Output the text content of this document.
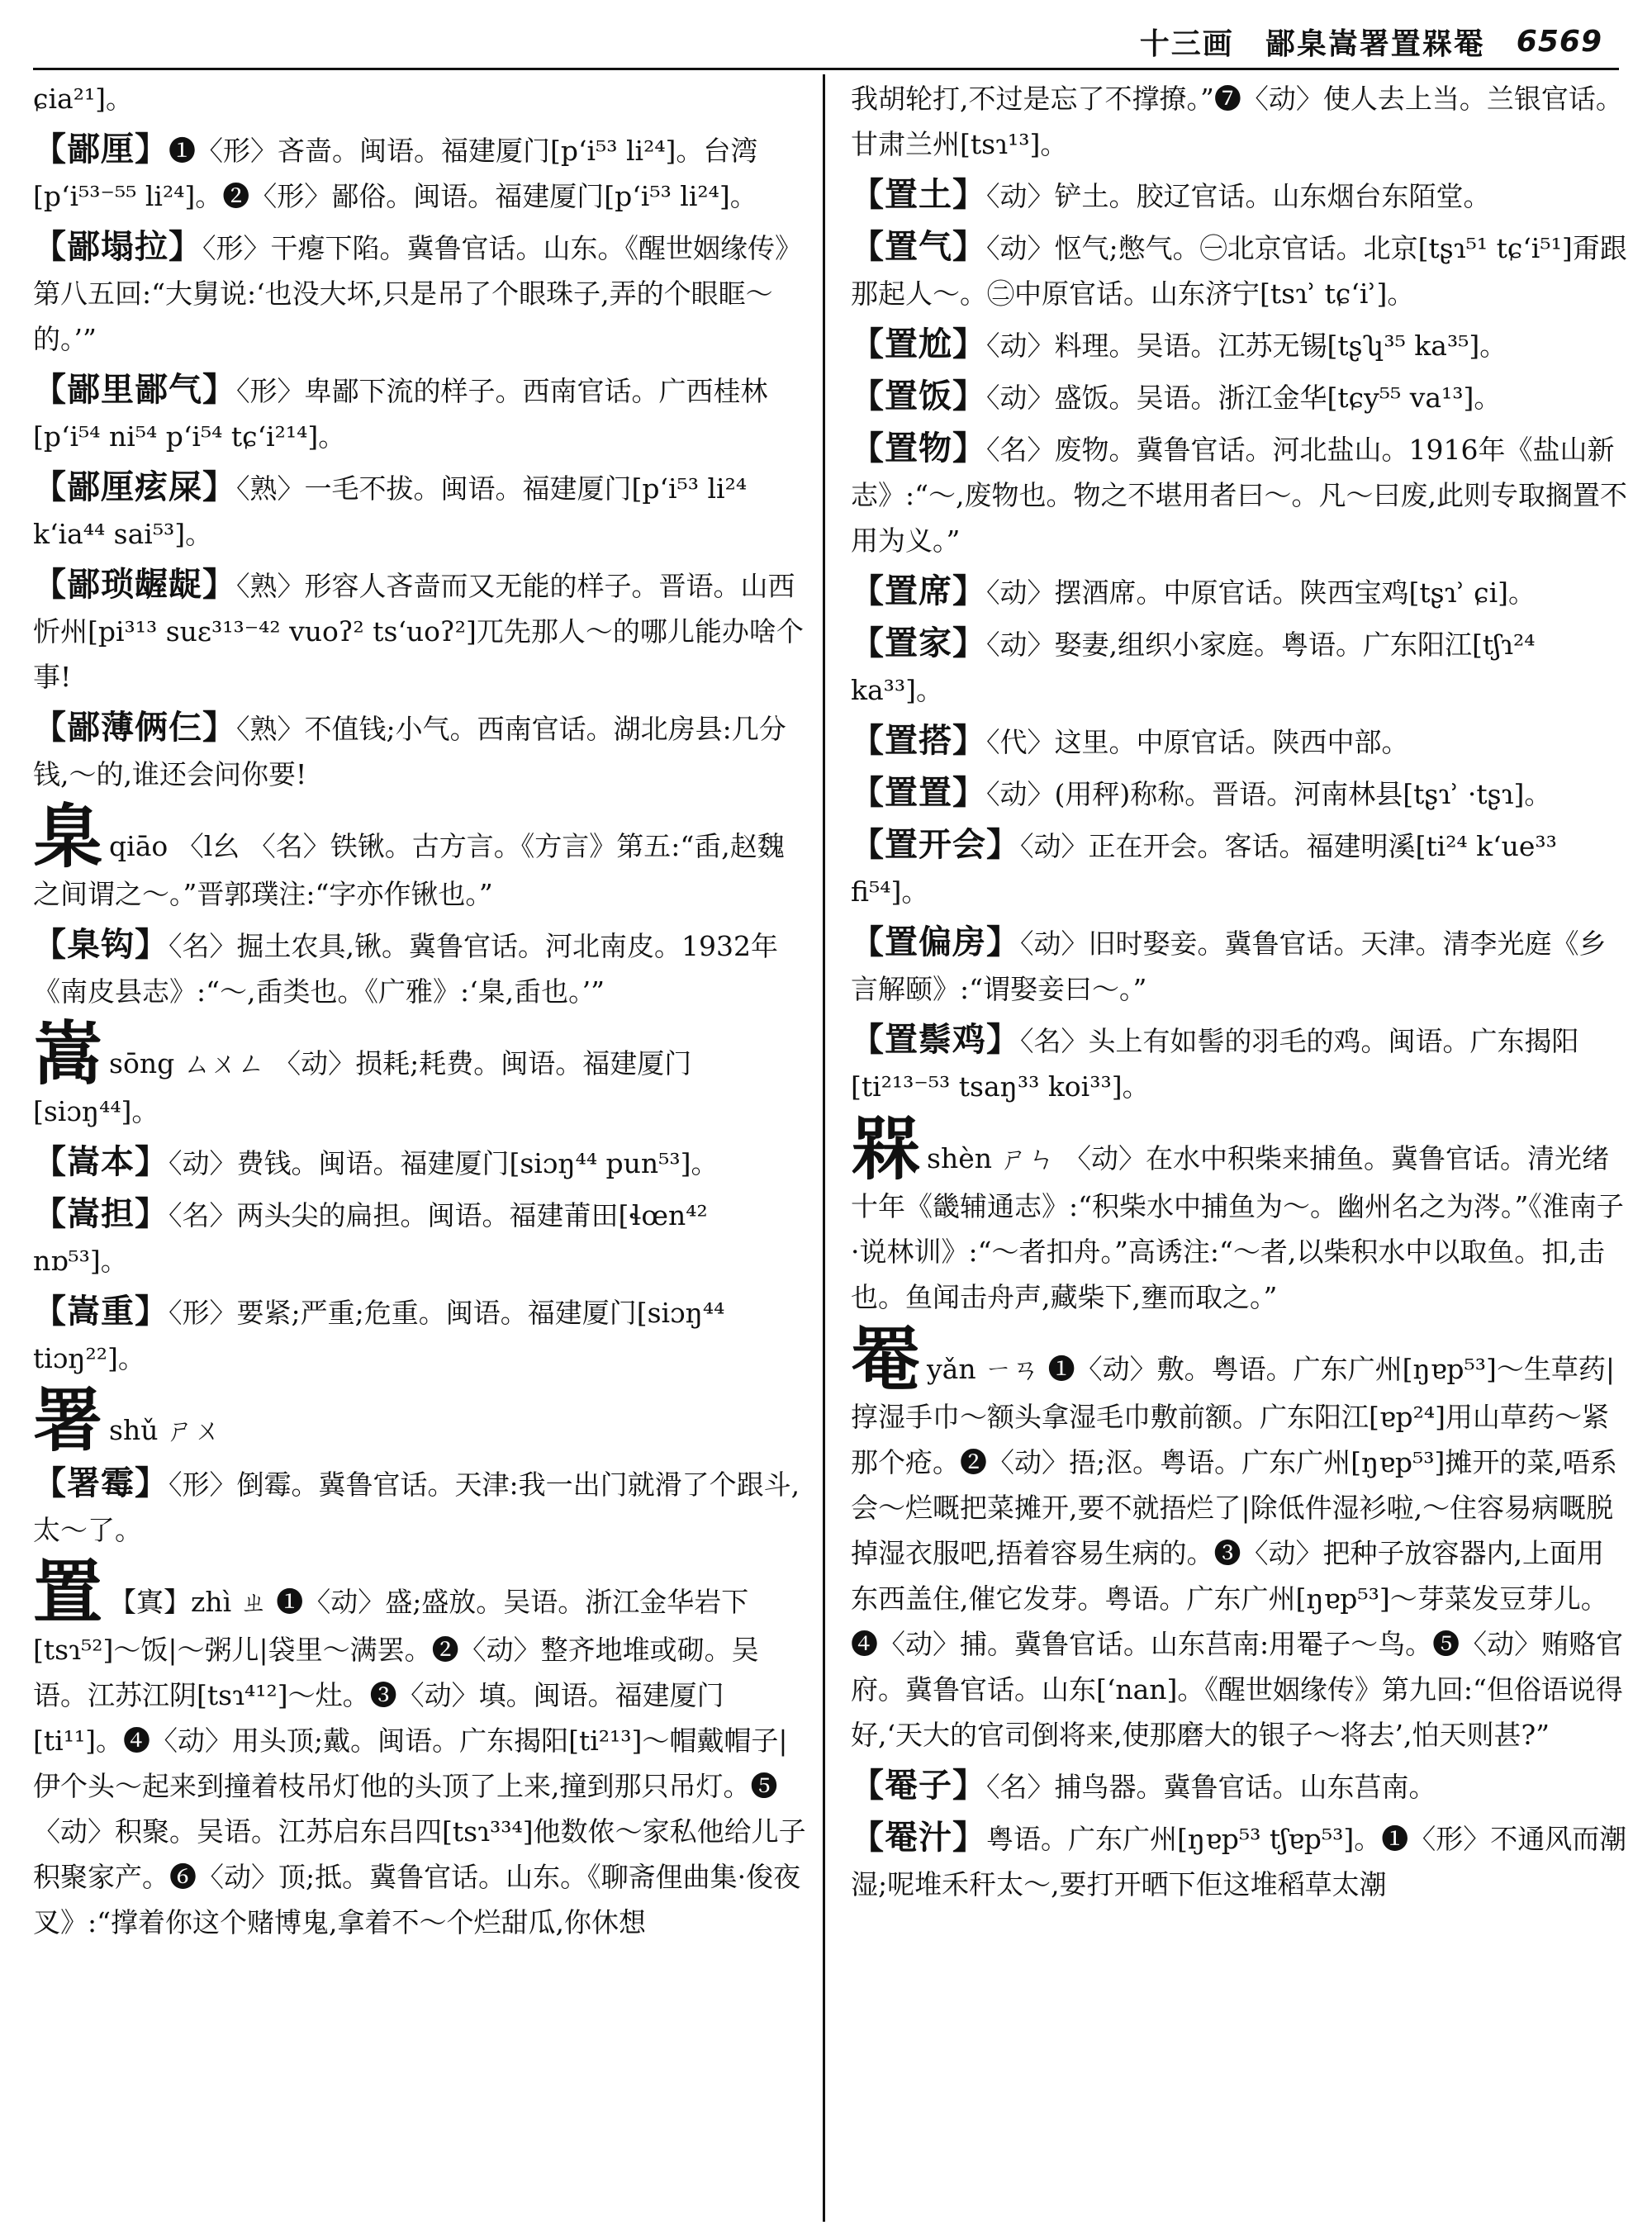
十三画 鄙臬嵩署置槑罨 6569
ɕia²¹]。
【鄙厘】❶〈形〉吝啬。闽语。福建厦门[pʻi⁵³ li²⁴]。台湾[pʻi⁵³⁻⁵⁵ li²⁴]。❷〈形〉鄙俗。闽语。福建厦门[pʻi⁵³ li²⁴]。
【鄙塌拉】〈形〉干瘪下陷。冀鲁官话。山东。《醒世姻缘传》第八五回:“大舅说:‘也没大坏,只是吊了个眼珠子,弄的个眼眶～的。’”
【鄙里鄙气】〈形〉卑鄙下流的样子。西南官话。广西桂林[pʻi⁵⁴ ni⁵⁴ pʻi⁵⁴ tɕʻi²¹⁴]。
【鄙厘痃屎】〈熟〉一毛不拔。闽语。福建厦门[pʻi⁵³ li²⁴ kʻia⁴⁴ sai⁵³]。
【鄙琐龌龊】〈熟〉形容人吝啬而又无能的样子。晋语。山西忻州[pi³¹³ suɛ³¹³⁻⁴² vuoʔ² tsʻuoʔ²]兀先那人～的哪儿能办啥个事!
【鄙薄俩仨】〈熟〉不值钱;小气。西南官话。湖北房县:几分钱,～的,谁还会问你要!
臬qiāo 〈l幺 〈名〉铁锹。古方言。《方言》第五:“臿,赵魏之间谓之～。”晋郭璞注:“字亦作锹也。”
【臬钩】〈名〉掘土农具,锹。冀鲁官话。河北南皮。1932年《南皮县志》:“～,臿类也。《广雅》:‘臬,臿也。’”
嵩sōng ㄙㄨㄥ 〈动〉损耗;耗费。闽语。福建厦门[siɔŋ⁴⁴]。
【嵩本】〈动〉费钱。闽语。福建厦门[siɔŋ⁴⁴ pun⁵³]。
【嵩担】〈名〉两头尖的扁担。闽语。福建莆田[ɬœn⁴² nɒ⁵³]。
【嵩重】〈形〉要紧;严重;危重。闽语。福建厦门[siɔŋ⁴⁴ tiɔŋ²²]。
署shǔ ㄕㄨ
【署霉】〈形〉倒霉。冀鲁官话。天津:我一出门就滑了个跟斗,太～了。
置 【寘】zhì ㄓ ❶〈动〉盛;盛放。吴语。浙江金华岩下[tsɿ⁵²]～饭|～粥儿|袋里～满罢。❷〈动〉整齐地堆或砌。吴语。江苏江阴[tsɿ⁴¹²]～灶。❸〈动〉填。闽语。福建厦门[ti¹¹]。❹〈动〉用头顶;戴。闽语。广东揭阳[ti²¹³]～帽戴帽子|伊个头～起来到撞着枝吊灯他的头顶了上来,撞到那只吊灯。❺〈动〉积聚。吴语。江苏启东吕四[tsɿ³³⁴]他数侬～家私他给儿子积聚家产。❻〈动〉顶;抵。冀鲁官话。山东。《聊斋俚曲集·俊夜叉》:“撑着你这个赌博鬼,拿着不～个烂甜瓜,你休想
我胡轮打,不过是忘了不撑撩。”❼〈动〉使人去上当。兰银官话。甘肃兰州[tsɿ¹³]。
【置土】〈动〉铲土。胶辽官话。山东烟台东陌堂。
【置气】〈动〉怄气;憋气。㊀北京官话。北京[tʂɿ⁵¹ tɕʻi⁵¹]甭跟那起人～。㊁中原官话。山东济宁[tsɿʾ tɕʻiʾ]。
【置尬】〈动〉料理。吴语。江苏无锡[tʂʮ³⁵ ka³⁵]。
【置饭】〈动〉盛饭。吴语。浙江金华[tɕy⁵⁵ va¹³]。
【置物】〈名〉废物。冀鲁官话。河北盐山。1916年《盐山新志》:“～,废物也。物之不堪用者曰～。凡～曰废,此则专取搁置不用为义。”
【置席】〈动〉摆酒席。中原官话。陕西宝鸡[tʂɿʾ ɕi]。
【置家】〈动〉娶妻,组织小家庭。粤语。广东阳江[tʃɿ²⁴ ka³³]。
【置搭】〈代〉这里。中原官话。陕西中部。
【置置】〈动〉(用秤)称称。晋语。河南林县[tʂɿʾ ·tʂɿ]。
【置开会】〈动〉正在开会。客话。福建明溪[ti²⁴ kʻue³³ fi⁵⁴]。
【置偏房】〈动〉旧时娶妾。冀鲁官话。天津。清李光庭《乡言解颐》:“谓娶妾曰～。”
【置鬃鸡】〈名〉头上有如髻的羽毛的鸡。闽语。广东揭阳[ti²¹³⁻⁵³ tsaŋ³³ koi³³]。
槑shèn ㄕㄣ 〈动〉在水中积柴来捕鱼。冀鲁官话。清光绪十年《畿辅通志》:“积柴水中捕鱼为～。幽州名之为涔。”《淮南子·说林训》:“～者扣舟。”高诱注:“～者,以柴积水中以取鱼。扣,击也。鱼闻击舟声,藏柴下,壅而取之。”
罨yǎn ㄧㄢ ❶〈动〉敷。粤语。广东广州[ŋɐp⁵³]～生草药|㨃湿手巾～额头拿湿毛巾敷前额。广东阳江[ɐp²⁴]用山草药～紧那个疮。❷〈动〉捂;沤。粤语。广东广州[ŋɐp⁵³]摊开的菜,唔系会～烂嘅把菜摊开,要不就捂烂了|除低件湿衫啦,～住容易病嘅脱掉湿衣服吧,捂着容易生病的。❸〈动〉把种子放容器内,上面用东西盖住,催它发芽。粤语。广东广州[ŋɐp⁵³]～芽菜发豆芽儿。❹〈动〉捕。冀鲁官话。山东莒南:用罨子～鸟。❺〈动〉贿赂官府。冀鲁官话。山东[ʻnan]。《醒世姻缘传》第九回:“但俗语说得好,‘天大的官司倒将来,使那磨大的银子～将去’,怕天则甚?”
【罨子】〈名〉捕鸟器。冀鲁官话。山东莒南。
【罨汁】粤语。广东广州[ŋɐp⁵³ tʃɐp⁵³]。❶〈形〉不通风而潮湿;呢堆禾秆太～,要打开晒下佢这堆稻草太潮
